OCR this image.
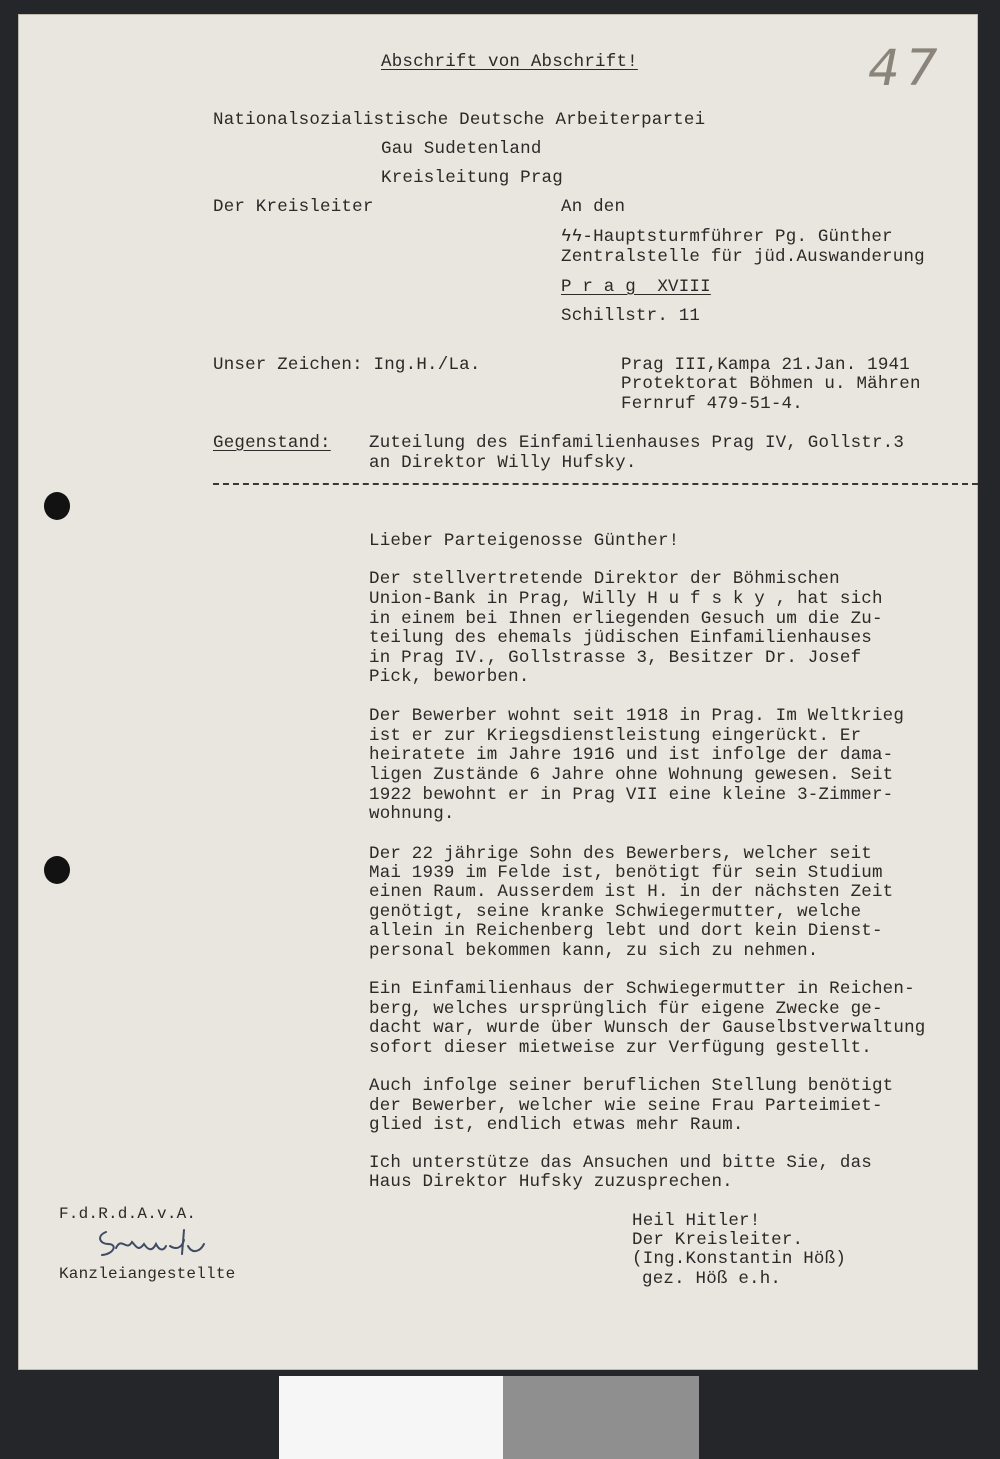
Abschrift von Abschrift!	47
Nationalsozialistische Deutsche Arbeiterpartei
Gau Sudetenland
Kreisleitung Prag
Der Kreisleiter	An den
ϟϟ-Hauptsturmführer Pg. Günther
Zentralstelle für jüd.Auswanderung
P r a g  XVIII
Schillstr. 11
Unser Zeichen: Ing.H./La.	Prag III,Kampa 21.Jan. 1941
Protektorat Böhmen u. Mähren
Fernruf 479-51-4.
Gegenstand: Zuteilung des Einfamilienhauses Prag IV, Gollstr.3
an Direktor Willy Hufsky.
Lieber Parteigenosse Günther!
Der stellvertretende Direktor der Böhmischen
Union-Bank in Prag, Willy H u f s k y , hat sich
in einem bei Ihnen erliegenden Gesuch um die Zu-
teilung des ehemals jüdischen Einfamilienhauses
in Prag IV., Gollstrasse 3, Besitzer Dr. Josef
Pick, beworben.
Der Bewerber wohnt seit 1918 in Prag. Im Weltkrieg
ist er zur Kriegsdienstleistung eingerückt. Er
heiratete im Jahre 1916 und ist infolge der dama-
ligen Zustände 6 Jahre ohne Wohnung gewesen. Seit
1922 bewohnt er in Prag VII eine kleine 3-Zimmer-
wohnung.
Der 22 jährige Sohn des Bewerbers, welcher seit
Mai 1939 im Felde ist, benötigt für sein Studium
einen Raum. Ausserdem ist H. in der nächsten Zeit
genötigt, seine kranke Schwiegermutter, welche
allein in Reichenberg lebt und dort kein Dienst-
personal bekommen kann, zu sich zu nehmen.
Ein Einfamilienhaus der Schwiegermutter in Reichen-
berg, welches ursprünglich für eigene Zwecke ge-
dacht war, wurde über Wunsch der Gauselbstverwaltung
sofort dieser mietweise zur Verfügung gestellt.
Auch infolge seiner beruflichen Stellung benötigt
der Bewerber, welcher wie seine Frau Parteimiet-
glied ist, endlich etwas mehr Raum.
Ich unterstütze das Ansuchen und bitte Sie, das
Haus Direktor Hufsky zuzusprechen.
Heil Hitler!
Der Kreisleiter.
(Ing.Konstantin Höß)
gez. Höß e.h.
F.d.R.d.A.v.A.
Kanzleiangestellte
